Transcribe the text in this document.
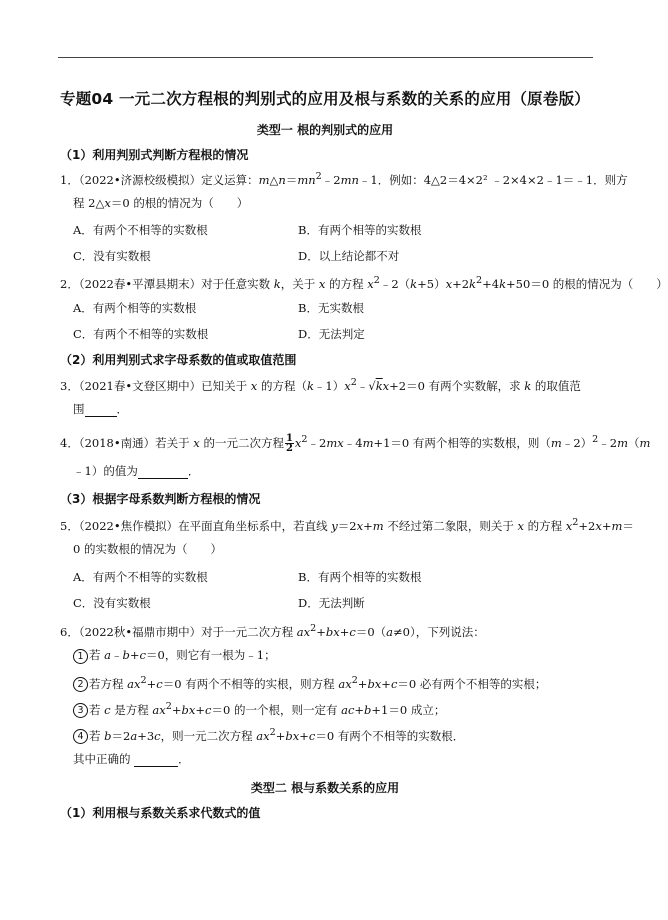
专题04 一元二次方程根的判别式的应用及根与系数的关系的应用（原卷版）
类型一 根的判别式的应用
（1）利用判别式判断方程根的情况
1．（2022•济源校级模拟）定义运算：$m\triangle n=mn^2﹣2mn﹣1$．例如：4△2＝4×2² ﹣2×4×2﹣1＝﹣1．则方
程 2△x＝0 的根的情况为（　　）
A．有两个不相等的实数根	B．有两个相等的实数根
C．没有实数根	D．以上结论都不对
2．（2022春•平潭县期末）对于任意实数 k，关于 x 的方程 $x^2﹣2(k+5)x+2k^2+4k+50=0$ 的根的情况为（　　）
A．有两个相等的实数根	B．无实数根
C．有两个不相等的实数根	D．无法判定
（2）利用判别式求字母系数的值或取值范围
3．（2021春•文登区期中）已知关于 x 的方程$(k﹣1)x^2﹣√kx+2=0$ 有两个实数解，求 k 的取值范
围	．
4．（2018•南通）若关于 x 的一元二次方程 $\frac{1}{2}$ $x^2﹣2mx﹣4m+1=0$ 有两个相等的实数根，则（m﹣2）$^2$﹣2m（m
﹣1）的值为	．
（3）根据字母系数判断方程根的情况
5．（2022•焦作模拟）在平面直角坐标系中，若直线 y＝2x+m 不经过第二象限，则关于 x 的方程 $x^2+2x+m=$
0 的实数根的情况为（　　）
A．有两个不相等的实数根	B．有两个相等的实数根
C．没有实数根	D．无法判断
6．（2022秋•福鼎市期中）对于一元二次方程 $ax^2+bx+c=0(a\ne 0)$，下列说法：
1 若 a﹣b+c＝0，则它有一根为﹣1；
2 若方程 $ax^2+c=0$ 有两个不相等的实根，则方程 $ax^2+bx+c=0$ 必有两个不相等的实根；
3 若 c 是方程 $ax^2+bx+c=0$ 的一个根，则一定有 ac+b+1＝0 成立；
4 若 b＝2a+3c，则一元二次方程 $ax^2+bx+c=0$ 有两个不相等的实数根．
其中正确的	．
类型二 根与系数关系的应用
（1）利用根与系数关系求代数式的值
